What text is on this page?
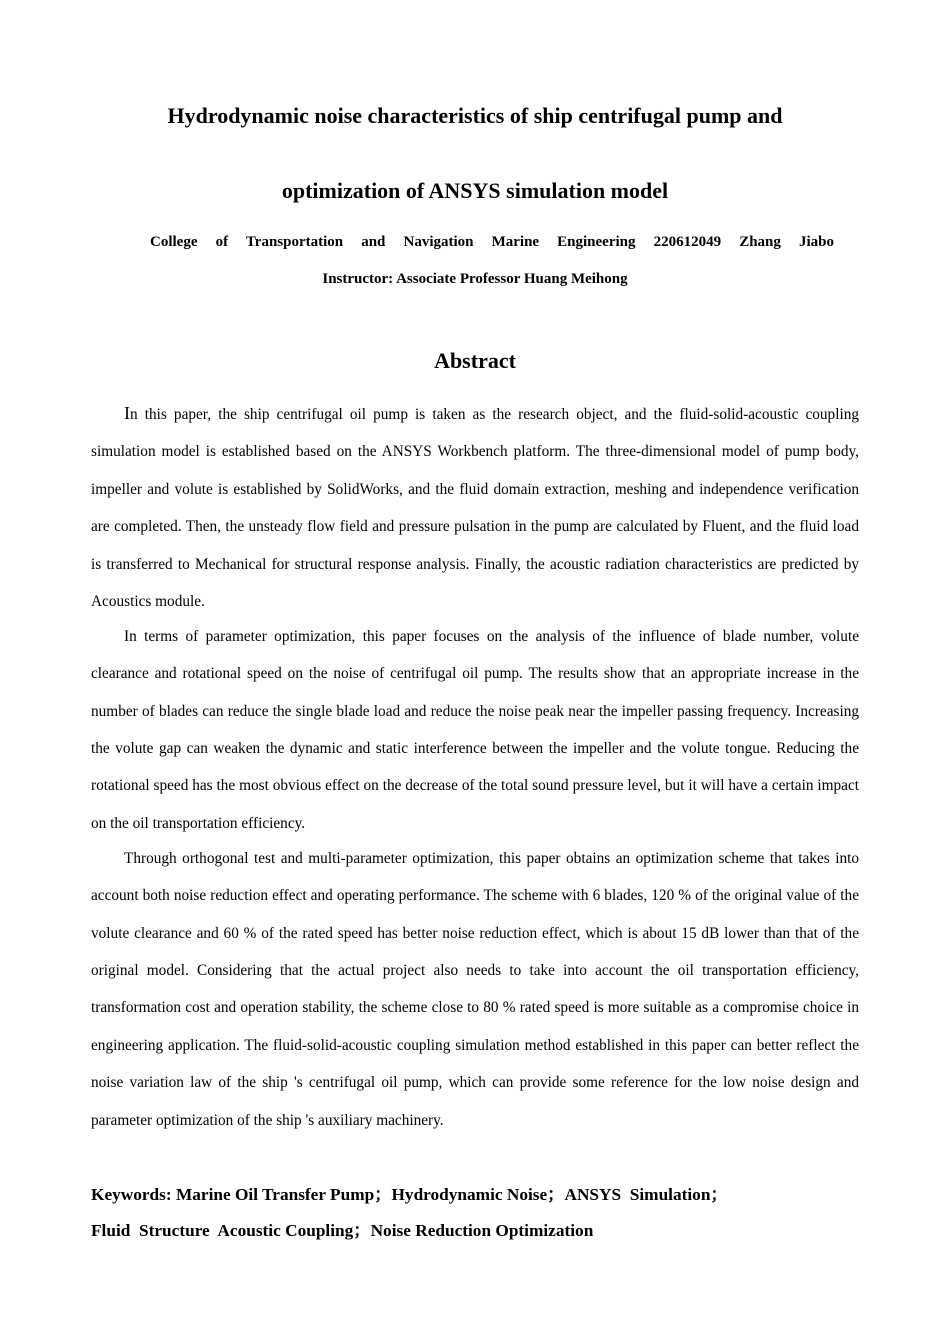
Hydrodynamic noise characteristics of ship centrifugal pump and
optimization of ANSYS simulation model
College of Transportation and Navigation Marine Engineering 220612049 Zhang Jiabo
Instructor: Associate Professor Huang Meihong
Abstract

In this paper, the ship centrifugal oil pump is taken as the research object, and the fluid-solid-acoustic coupling simulation model is established based on the ANSYS Workbench platform. The three-dimensional model of pump body, impeller and volute is established by SolidWorks, and the fluid domain extraction, meshing and independence verification are completed. Then, the unsteady flow field and pressure pulsation in the pump are calculated by Fluent, and the fluid load is transferred to Mechanical for structural response analysis. Finally, the acoustic radiation characteristics are predicted by Acoustics module.

In terms of parameter optimization, this paper focuses on the analysis of the influence of blade number, volute clearance and rotational speed on the noise of centrifugal oil pump. The results show that an appropriate increase in the number of blades can reduce the single blade load and reduce the noise peak near the impeller passing frequency. Increasing the volute gap can weaken the dynamic and static interference between the impeller and the volute tongue. Reducing the rotational speed has the most obvious effect on the decrease of the total sound pressure level, but it will have a certain impact on the oil transportation efficiency.

Through orthogonal test and multi-parameter optimization, this paper obtains an optimization scheme that takes into account both noise reduction effect and operating performance. The scheme with 6 blades, 120 % of the original value of the volute clearance and 60 % of the rated speed has better noise reduction effect, which is about 15 dB lower than that of the original model. Considering that the actual project also needs to take into account the oil transportation efficiency, transformation cost and operation stability, the scheme close to 80 % rated speed is more suitable as a compromise choice in engineering application. The fluid-solid-acoustic coupling simulation method established in this paper can better reflect the noise variation law of the ship 's centrifugal oil pump, which can provide some reference for the low noise design and parameter optimization of the ship 's auxiliary machinery.

Keywords: Marine Oil Transfer Pump；Hydrodynamic Noise；ANSYS  Simulation；
Fluid  Structure  Acoustic Coupling；Noise Reduction Optimization
